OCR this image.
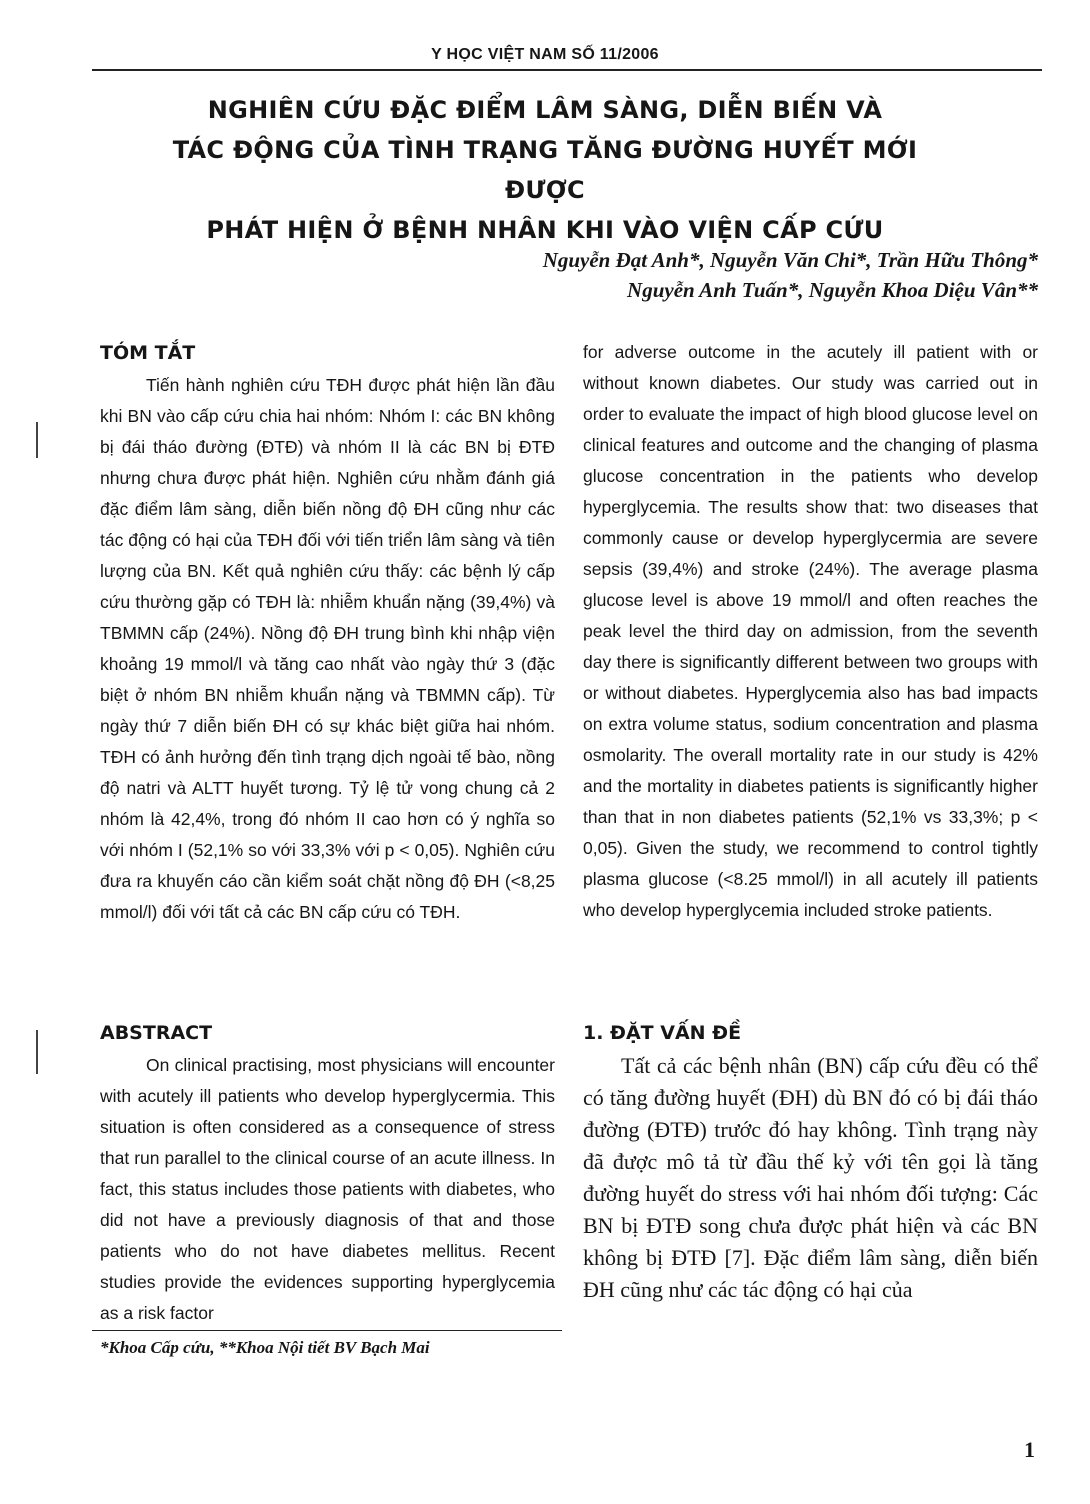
Y HỌC VIỆT NAM SỐ 11/2006
NGHIÊN CỨU ĐẶC ĐIỂM LÂM SÀNG, DIỄN BIẾN VÀ
TÁC ĐỘNG CỦA TÌNH TRẠNG TĂNG ĐƯỜNG HUYẾT MỚI ĐƯỢC
PHÁT HIỆN Ở BỆNH NHÂN KHI VÀO VIỆN CẤP CỨU
Nguyễn Đạt Anh*, Nguyễn Văn Chi*, Trần Hữu Thông*
Nguyễn Anh Tuấn*, Nguyễn Khoa Diệu Vân**
TÓM TẮT

Tiến hành nghiên cứu TĐH được phát hiện lần đầu khi BN vào cấp cứu chia hai nhóm: Nhóm I: các BN không bị đái tháo đường (ĐTĐ) và nhóm II là các BN bị ĐTĐ nhưng chưa được phát hiện. Nghiên cứu nhằm đánh giá đặc điểm lâm sàng, diễn biến nồng độ ĐH cũng như các tác động có hại của TĐH đối với tiến triển lâm sàng và tiên lượng của BN. Kết quả nghiên cứu thấy: các bệnh lý cấp cứu thường gặp có TĐH là: nhiễm khuẩn nặng (39,4%) và TBMMN cấp (24%). Nồng độ ĐH trung bình khi nhập viện khoảng 19 mmol/l và tăng cao nhất vào ngày thứ 3 (đặc biệt ở nhóm BN nhiễm khuẩn nặng và TBMMN cấp). Từ ngày thứ 7 diễn biến ĐH có sự khác biệt giữa hai nhóm. TĐH có ảnh hưởng đến tình trạng dịch ngoài tế bào, nồng độ natri và ALTT huyết tương. Tỷ lệ tử vong chung cả 2 nhóm là 42,4%, trong đó nhóm II cao hơn có ý nghĩa so với nhóm I (52,1% so với 33,3% với p < 0,05). Nghiên cứu đưa ra khuyến cáo cần kiểm soát chặt nồng độ ĐH (<8,25 mmol/l) đối với tất cả các BN cấp cứu có TĐH.

ABSTRACT

On clinical practising, most physicians will encounter with acutely ill patients who develop hyperglycermia. This situation is often considered as a consequence of stress that run parallel to the clinical course of an acute illness. In fact, this status includes those patients with diabetes, who did not have a previously diagnosis of that and those patients who do not have diabetes mellitus. Recent studies provide the evidences supporting hyperglycemia as a risk factor

for adverse outcome in the acutely ill patient with or without known diabetes. Our study was carried out in order to evaluate the impact of high blood glucose level on clinical features and outcome and the changing of plasma glucose concentration in the patients who develop hyperglycemia. The results show that: two diseases that commonly cause or develop hyperglycermia are severe sepsis (39,4%) and stroke (24%). The average plasma glucose level is above 19 mmol/l and often reaches the peak level the third day on admission, from the seventh day there is significantly different between two groups with or without diabetes. Hyperglycemia also has bad impacts on extra volume status, sodium concentration and plasma osmolarity. The overall mortality rate in our study is 42% and the mortality in diabetes patients is significantly higher than that in non diabetes patients (52,1% vs 33,3%; p < 0,05). Given the study, we recommend to control tightly plasma glucose (<8.25 mmol/l) in all acutely ill patients who develop hyperglycemia included stroke patients.

1. ĐẶT VẤN ĐỀ

Tất cả các bệnh nhân (BN) cấp cứu đều có thể có tăng đường huyết (ĐH) dù BN đó có bị đái tháo đường (ĐTĐ) trước đó hay không. Tình trạng này đã được mô tả từ đầu thế kỷ với tên gọi là tăng đường huyết do stress với hai nhóm đối tượng: Các BN bị ĐTĐ song chưa được phát hiện và các BN không bị ĐTĐ [7]. Đặc điểm lâm sàng, diễn biến ĐH cũng như các tác động có hại của

*Khoa Cấp cứu, **Khoa Nội tiết BV Bạch Mai
1
